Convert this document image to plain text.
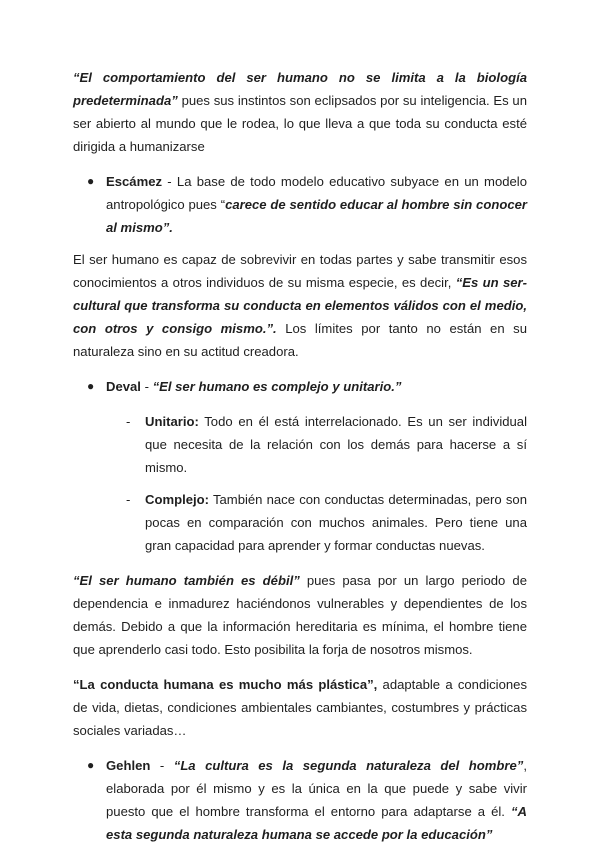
“El comportamiento del ser humano no se limita a la biología predeterminada” pues sus instintos son eclipsados por su inteligencia. Es un ser abierto al mundo que le rodea, lo que lleva a que toda su conducta esté dirigida a humanizarse

● Escámez - La base de todo modelo educativo subyace en un modelo antropológico pues “carece de sentido educar al hombre sin conocer al mismo”.

El ser humano es capaz de sobrevivir en todas partes y sabe transmitir esos conocimientos a otros individuos de su misma especie, es decir, “Es un ser-cultural que transforma su conducta en elementos válidos con el medio, con otros y consigo mismo.”. Los límites por tanto no están en su naturaleza sino en su actitud creadora.

● Deval - “El ser humano es complejo y unitario.”
- Unitario: Todo en él está interrelacionado. Es un ser individual que necesita de la relación con los demás para hacerse a sí mismo.
- Complejo: También nace con conductas determinadas, pero son pocas en comparación con muchos animales. Pero tiene una gran capacidad para aprender y formar conductas nuevas.

“El ser humano también es débil” pues pasa por un largo periodo de dependencia e inmadurez haciéndonos vulnerables y dependientes de los demás. Debido a que la información hereditaria es mínima, el hombre tiene que aprenderlo casi todo. Esto posibilita la forja de nosotros mismos.

“La conducta humana es mucho más plástica”, adaptable a condiciones de vida, dietas, condiciones ambientales cambiantes, costumbres y prácticas sociales variadas…

● Gehlen - “La cultura es la segunda naturaleza del hombre”, elaborada por él mismo y es la única en la que puede y sabe vivir puesto que el hombre transforma el entorno para adaptarse a él. “A esta segunda naturaleza humana se accede por la educación”
